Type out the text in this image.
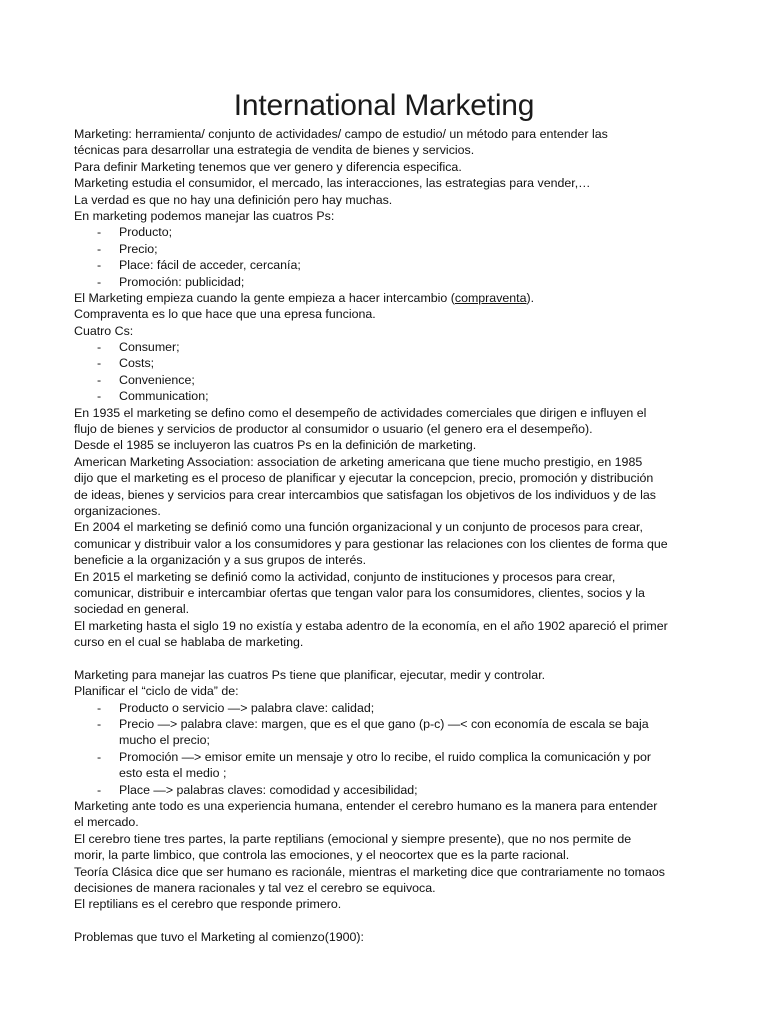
International Marketing
Marketing: herramienta/ conjunto de actividades/ campo de estudio/ un método para entender las
técnicas para desarrollar una estrategia de vendita de bienes y servicios.
Para definir Marketing tenemos que ver genero y diferencia especifica.
Marketing estudia el consumidor, el mercado, las interacciones, las estrategias para vender,…
La verdad es que no hay una definición pero hay muchas.
En marketing podemos manejar las cuatros Ps:
- Producto;
- Precio;
- Place: fácil de acceder, cercanía;
- Promoción: publicidad;
El Marketing empieza cuando la gente empieza a hacer intercambio (compraventa).
Compraventa es lo que hace que una epresa funciona.
Cuatro Cs:
- Consumer;
- Costs;
- Convenience;
- Communication;
En 1935 el marketing se defino como el desempeño de actividades comerciales que dirigen e influyen el
flujo de bienes y servicios de productor al consumidor o usuario (el genero era el desempeño).
Desde el 1985 se incluyeron las cuatros Ps en la definición de marketing.
American Marketing Association: association de arketing americana que tiene mucho prestigio, en 1985
dijo que el marketing es el proceso de planificar y ejecutar la concepcion, precio, promoción y distribución
de ideas, bienes y servicios para crear intercambios que satisfagan los objetivos de los individuos y de las
organizaciones.
En 2004 el marketing se definió como una función organizacional y un conjunto de procesos para crear,
comunicar y distribuir valor a los consumidores y para gestionar las relaciones con los clientes de forma que
beneficie a la organización y a sus grupos de interés.
En 2015 el marketing se definió como la actividad, conjunto de instituciones y procesos para crear,
comunicar, distribuir e intercambiar ofertas que tengan valor para los consumidores, clientes, socios y la
sociedad en general.
El marketing hasta el siglo 19 no existía y estaba adentro de la economía, en el año 1902 apareció el primer
curso en el cual se hablaba de marketing.
Marketing para manejar las cuatros Ps tiene que planificar, ejecutar, medir y controlar.
Planificar el “ciclo de vida” de:
- Producto o servicio —> palabra clave: calidad;
- Precio —> palabra clave: margen, que es el que gano (p-c) —< con economía de escala se baja
mucho el precio;
- Promoción —> emisor emite un mensaje y otro lo recibe, el ruido complica la comunicación y por
esto esta el medio ;
- Place —> palabras claves: comodidad y accesibilidad;
Marketing ante todo es una experiencia humana, entender el cerebro humano es la manera para entender
el mercado.
El cerebro tiene tres partes, la parte reptilians (emocional y siempre presente), que no nos permite de
morir, la parte limbico, que controla las emociones, y el neocortex que es la parte racional.
Teoría Clásica dice que ser humano es racionále, mientras el marketing dice que contrariamente no tomaos
decisiones de manera racionales y tal vez el cerebro se equivoca.
El reptilians es el cerebro que responde primero.
Problemas que tuvo el Marketing al comienzo(1900):
